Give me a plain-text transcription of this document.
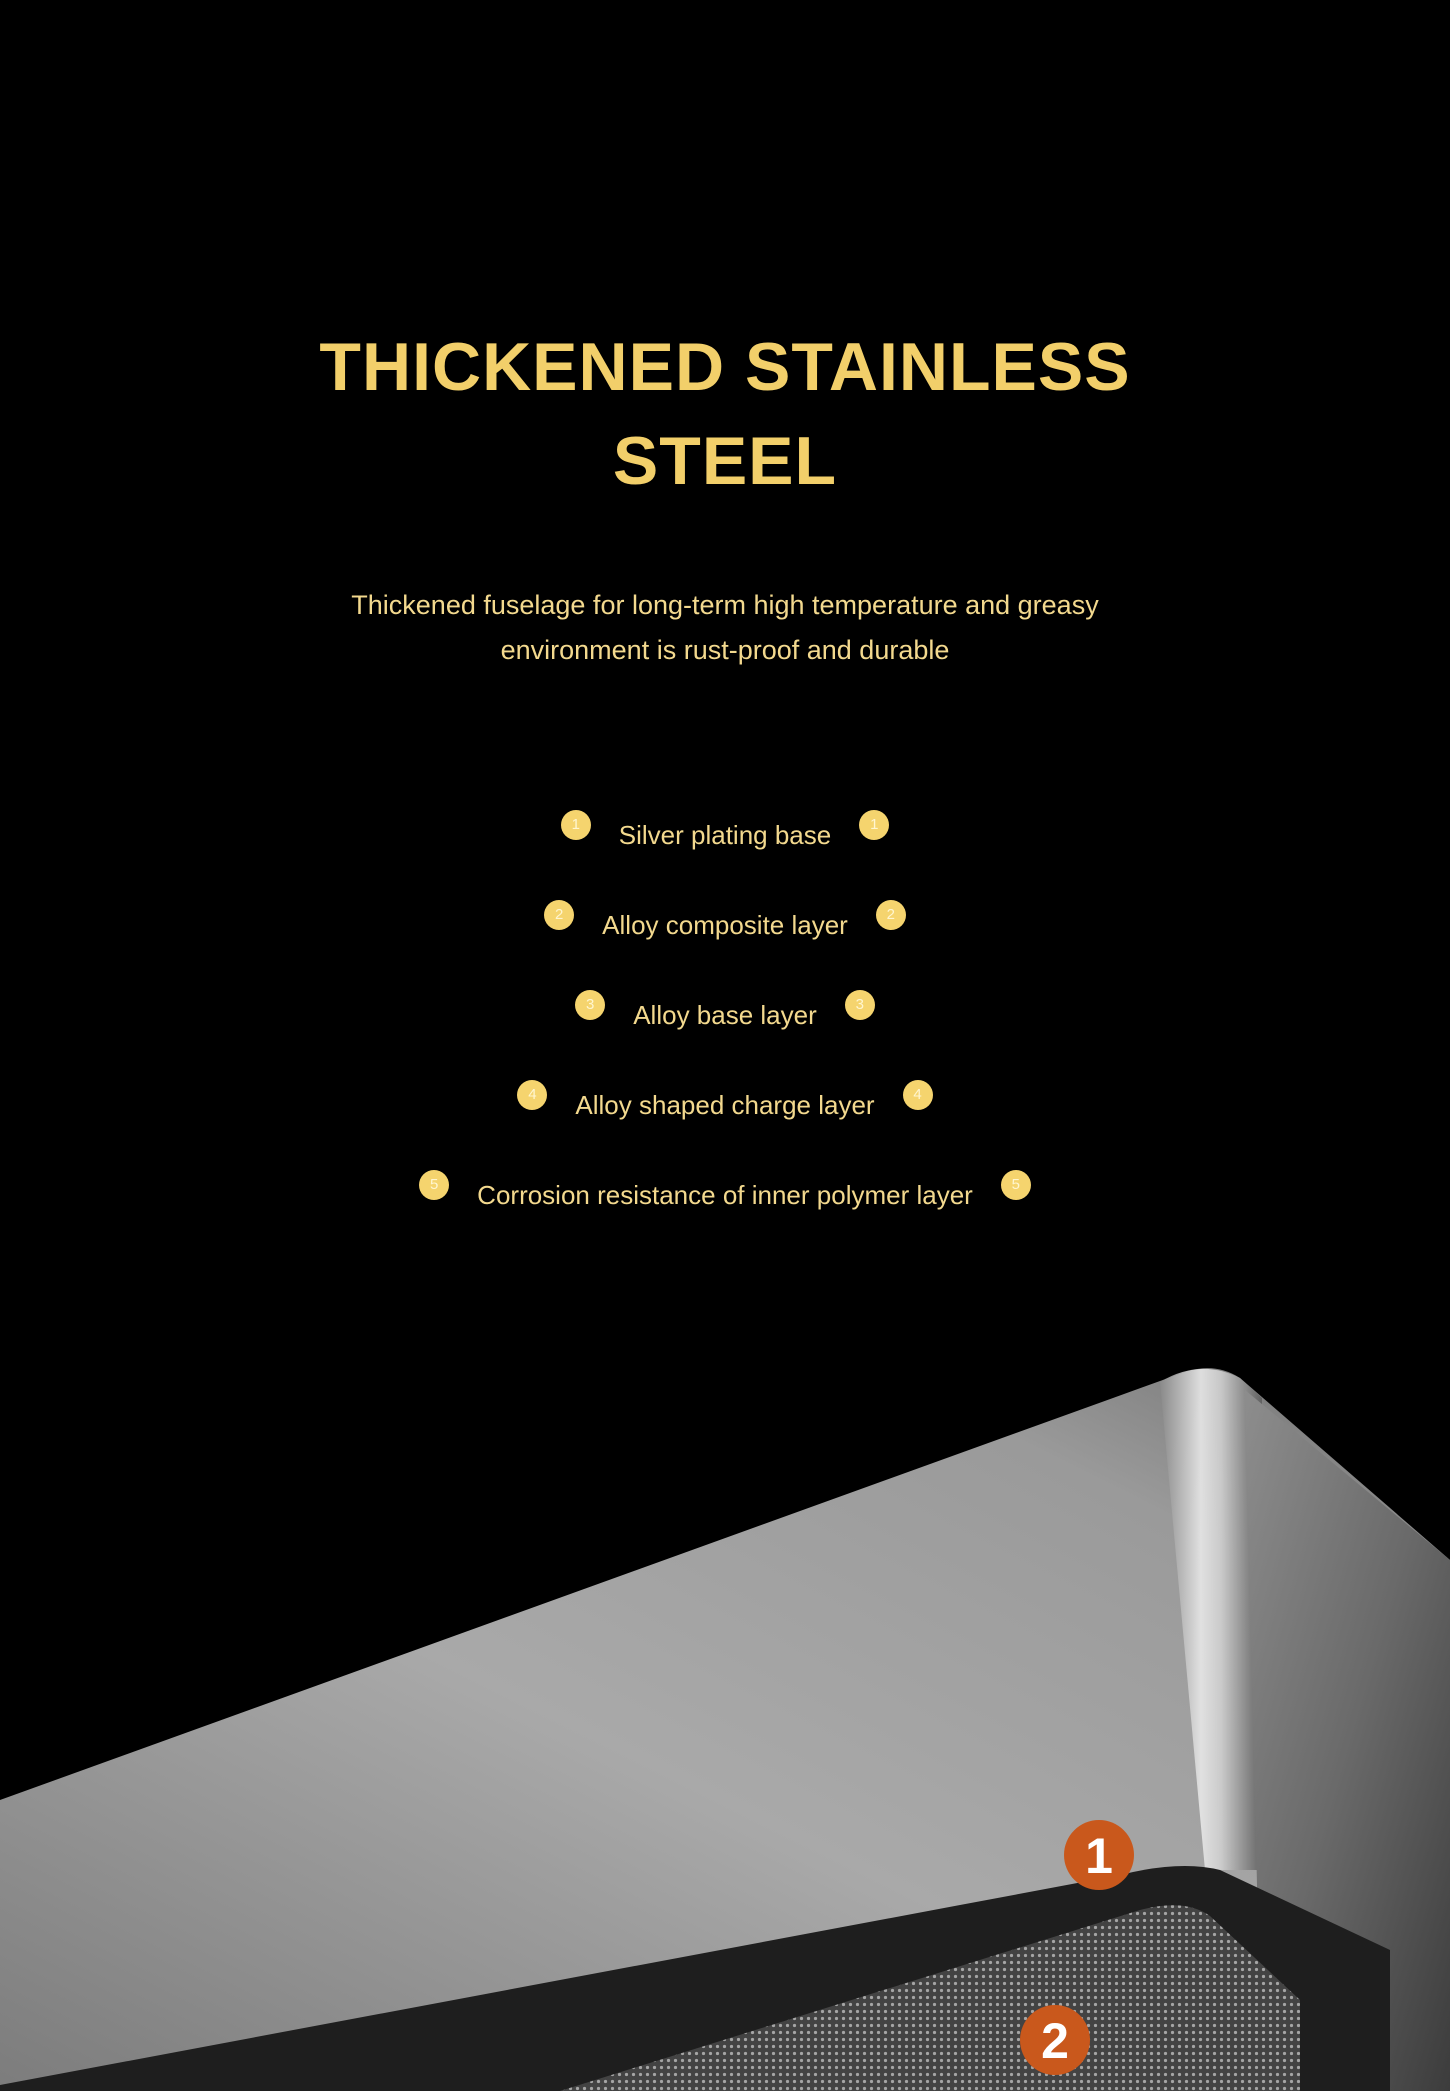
THICKENED STAINLESS
STEEL

Thickened fuselage for long-term high temperature and greasy
environment is rust-proof and durable

1	Silver plating base	1
2	Alloy composite layer	2
3	Alloy base layer	3
4	Alloy shaped charge layer	4
5	Corrosion resistance of inner polymer layer	5
1
2
